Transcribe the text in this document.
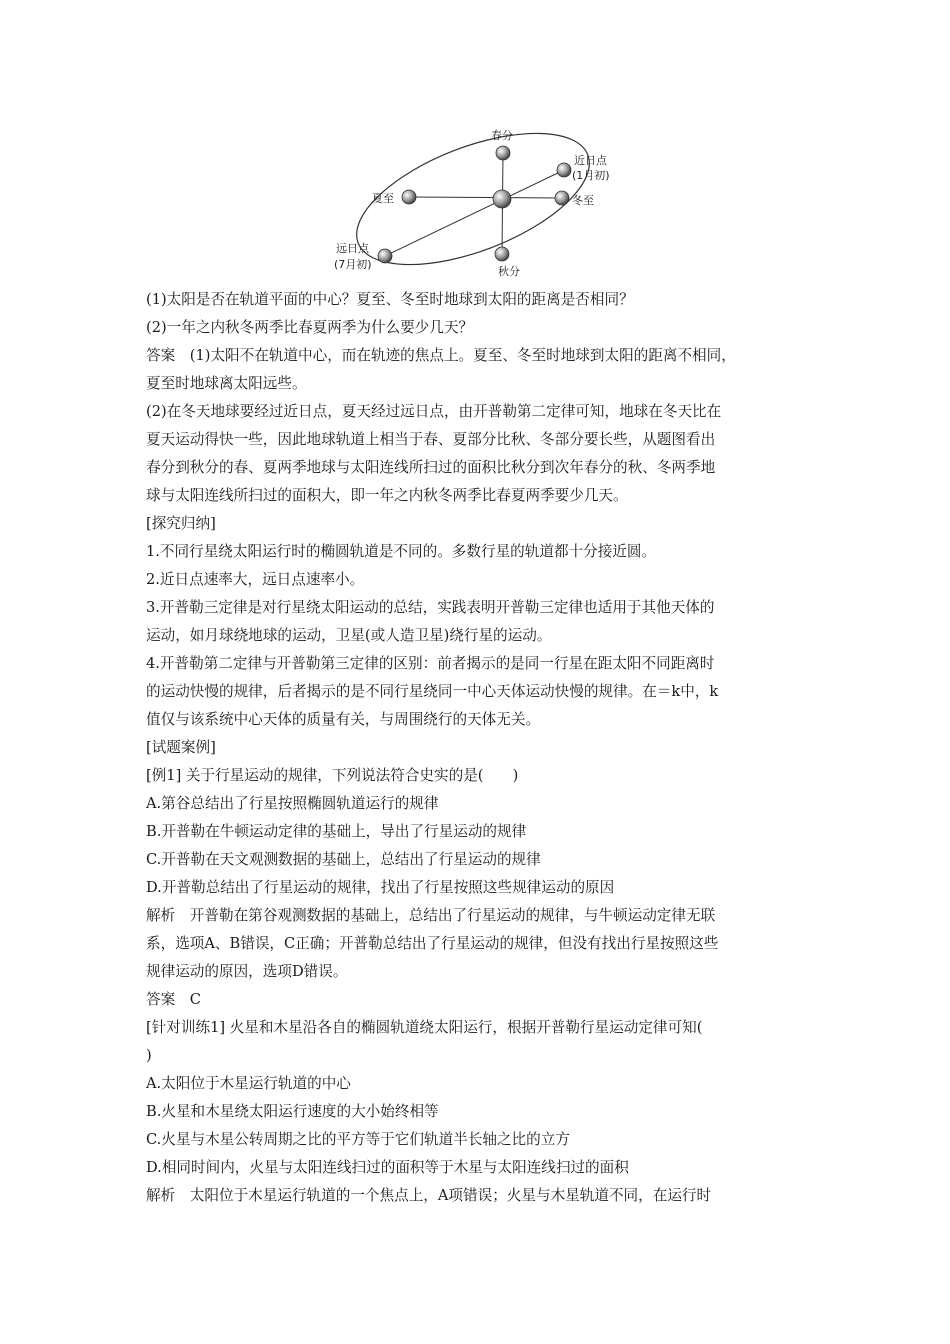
春分
近日点
(1月初)
夏至	冬至
远日点
(7月初)
秋分

(1)太阳是否在轨道平面的中心？夏至、冬至时地球到太阳的距离是否相同？

(2)一年之内秋冬两季比春夏两季为什么要少几天？

答案　(1)太阳不在轨道中心，而在轨迹的焦点上。夏至、冬至时地球到太阳的距离不相同，

夏至时地球离太阳远些。

(2)在冬天地球要经过近日点，夏天经过远日点，由开普勒第二定律可知，地球在冬天比在

夏天运动得快一些，因此地球轨道上相当于春、夏部分比秋、冬部分要长些，从题图看出

春分到秋分的春、夏两季地球与太阳连线所扫过的面积比秋分到次年春分的秋、冬两季地

球与太阳连线所扫过的面积大，即一年之内秋冬两季比春夏两季要少几天。

[探究归纳]

1.不同行星绕太阳运行时的椭圆轨道是不同的。多数行星的轨道都十分接近圆。

2.近日点速率大，远日点速率小。

3.开普勒三定律是对行星绕太阳运动的总结，实践表明开普勒三定律也适用于其他天体的

运动，如月球绕地球的运动，卫星(或人造卫星)绕行星的运动。

4.开普勒第二定律与开普勒第三定律的区别：前者揭示的是同一行星在距太阳不同距离时

的运动快慢的规律，后者揭示的是不同行星绕同一中心天体运动快慢的规律。在＝k中，k

值仅与该系统中心天体的质量有关，与周围绕行的天体无关。

[试题案例]

[例1] 关于行星运动的规律，下列说法符合史实的是(　　)

A.第谷总结出了行星按照椭圆轨道运行的规律

B.开普勒在牛顿运动定律的基础上，导出了行星运动的规律

C.开普勒在天文观测数据的基础上，总结出了行星运动的规律

D.开普勒总结出了行星运动的规律，找出了行星按照这些规律运动的原因

解析　开普勒在第谷观测数据的基础上，总结出了行星运动的规律，与牛顿运动定律无联

系，选项A、B错误，C正确；开普勒总结出了行星运动的规律，但没有找出行星按照这些

规律运动的原因，选项D错误。

答案　C

[针对训练1] 火星和木星沿各自的椭圆轨道绕太阳运行，根据开普勒行星运动定律可知(

)

A.太阳位于木星运行轨道的中心

B.火星和木星绕太阳运行速度的大小始终相等

C.火星与木星公转周期之比的平方等于它们轨道半长轴之比的立方

D.相同时间内，火星与太阳连线扫过的面积等于木星与太阳连线扫过的面积

解析　太阳位于木星运行轨道的一个焦点上，A项错误；火星与木星轨道不同，在运行时
